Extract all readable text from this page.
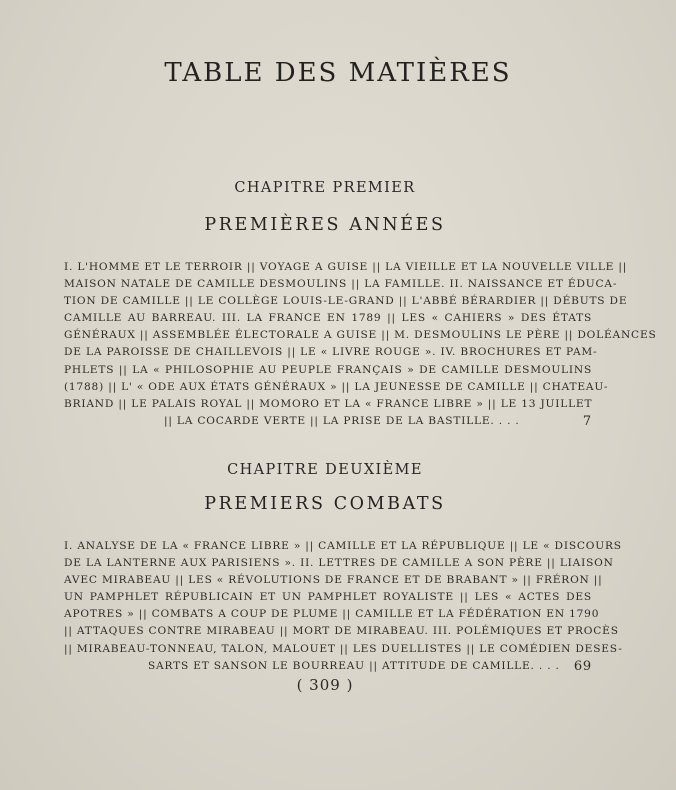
TABLE DES MATIÈRES
CHAPITRE PREMIER
PREMIÈRES ANNÉES
I. L'HOMME ET LE TERROIR || VOYAGE A GUISE || LA VIEILLE ET LA NOUVELLE VILLE ||
MAISON NATALE DE CAMILLE DESMOULINS || LA FAMILLE. II. NAISSANCE ET ÉDUCA-
TION DE CAMILLE || LE COLLÈGE LOUIS-LE-GRAND || L'ABBÉ BÉRARDIER || DÉBUTS DE
CAMILLE AU BARREAU. III. LA FRANCE EN 1789 || LES « CAHIERS » DES ÉTATS
GÉNÉRAUX || ASSEMBLÉE ÉLECTORALE A GUISE || M. DESMOULINS LE PÈRE || DOLÉANCES
DE LA PAROISSE DE CHAILLEVOIS || LE « LIVRE ROUGE ». IV. BROCHURES ET PAM-
PHLETS || LA « PHILOSOPHIE AU PEUPLE FRANÇAIS » DE CAMILLE DESMOULINS
(1788) || L' « ODE AUX ÉTATS GÉNÉRAUX » || LA JEUNESSE DE CAMILLE || CHATEAU-
BRIAND || LE PALAIS ROYAL || MOMORO ET LA « FRANCE LIBRE » || LE 13 JUILLET
|| LA COCARDE VERTE || LA PRISE DE LA BASTILLE. . . .	7
CHAPITRE DEUXIÈME
PREMIERS COMBATS
I. ANALYSE DE LA « FRANCE LIBRE » || CAMILLE ET LA RÉPUBLIQUE || LE « DISCOURS
DE LA LANTERNE AUX PARISIENS ». II. LETTRES DE CAMILLE A SON PÈRE || LIAISON
AVEC MIRABEAU || LES « RÉVOLUTIONS DE FRANCE ET DE BRABANT » || FRÉRON ||
UN PAMPHLET RÉPUBLICAIN ET UN PAMPHLET ROYALISTE || LES « ACTES DES
APOTRES » || COMBATS A COUP DE PLUME || CAMILLE ET LA FÉDÉRATION EN 1790
|| ATTAQUES CONTRE MIRABEAU || MORT DE MIRABEAU. III. POLÉMIQUES ET PROCÈS
|| MIRABEAU-TONNEAU, TALON, MALOUET || LES DUELLISTES || LE COMÉDIEN DESES-
SARTS ET SANSON LE BOURREAU || ATTITUDE DE CAMILLE. . . . 69
( 309 )
